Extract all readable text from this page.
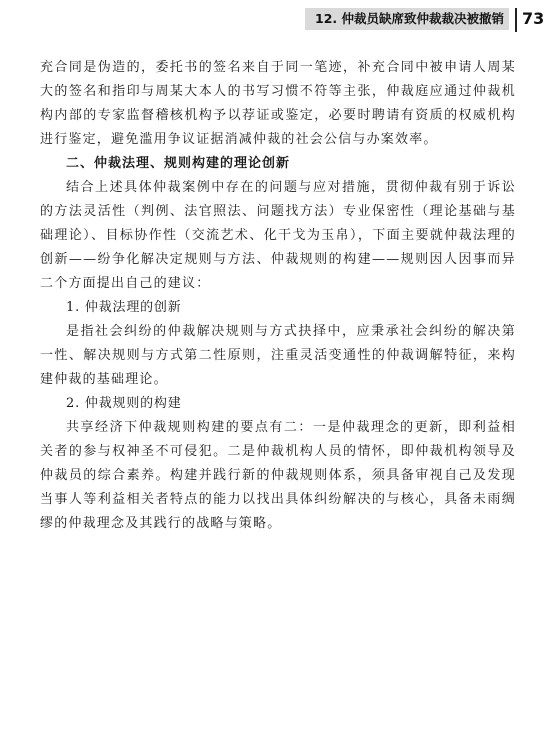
12. 仲裁员缺席致仲裁裁决被撤销 73

充合同是伪造的，委托书的签名来自于同一笔迹，补充合同中被申请人周某大的签名和指印与周某大本人的书写习惯不符等主张，仲裁庭应通过仲裁机构内部的专家监督稽核机构予以荐证或鉴定，必要时聘请有资质的权威机构进行鉴定，避免滥用争议证据消减仲裁的社会公信与办案效率。

二、仲裁法理、规则构建的理论创新

结合上述具体仲裁案例中存在的问题与应对措施，贯彻仲裁有别于诉讼的方法灵活性（判例、法官照法、问题找方法）专业保密性（理论基础与基础理论）、目标协作性（交流艺术、化干戈为玉帛），下面主要就仲裁法理的创新——纷争化解决定规则与方法、仲裁规则的构建——规则因人因事而异二个方面提出自己的建议：

1. 仲裁法理的创新

是指社会纠纷的仲裁解决规则与方式抉择中，应秉承社会纠纷的解决第一性、解决规则与方式第二性原则，注重灵活变通性的仲裁调解特征，来构建仲裁的基础理论。

2. 仲裁规则的构建

共享经济下仲裁规则构建的要点有二：一是仲裁理念的更新，即利益相关者的参与权神圣不可侵犯。二是仲裁机构人员的情怀，即仲裁机构领导及仲裁员的综合素养。构建并践行新的仲裁规则体系，须具备审视自己及发现当事人等利益相关者特点的能力以找出具体纠纷解决的与核心，具备未雨绸缪的仲裁理念及其践行的战略与策略。
